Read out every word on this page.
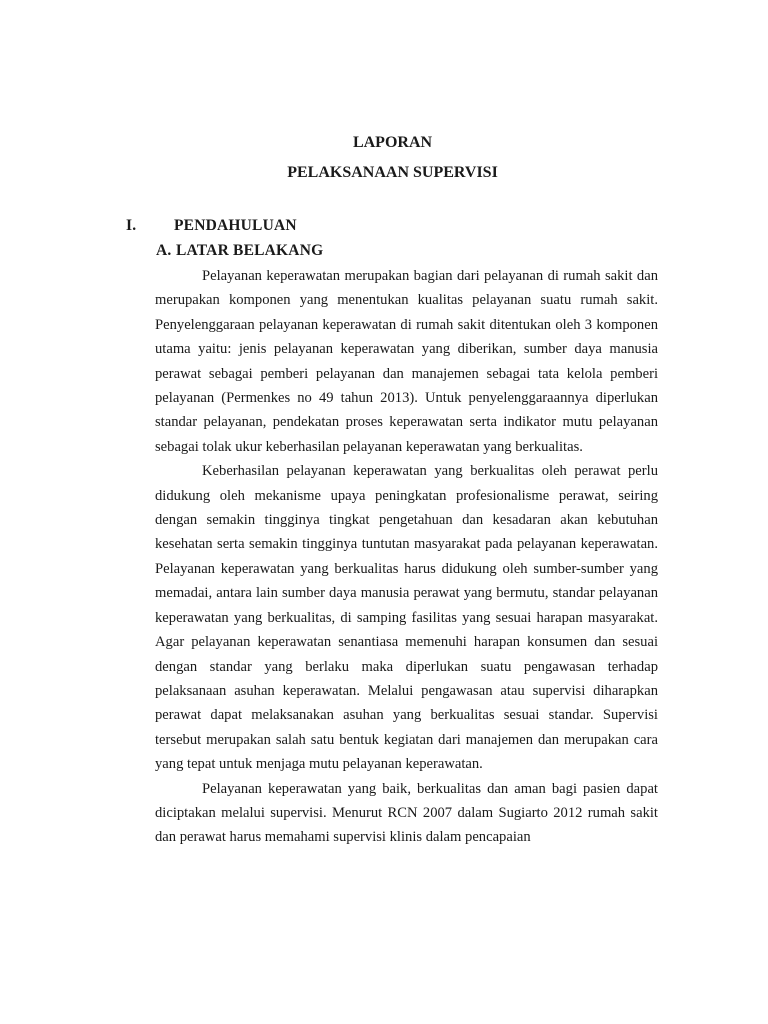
LAPORAN
PELAKSANAAN SUPERVISI
I. PENDAHULUAN
A. LATAR BELAKANG

Pelayanan keperawatan merupakan bagian dari pelayanan di rumah sakit dan merupakan komponen yang menentukan kualitas pelayanan suatu rumah sakit. Penyelenggaraan pelayanan keperawatan di rumah sakit ditentukan oleh 3 komponen utama yaitu: jenis pelayanan keperawatan yang diberikan, sumber daya manusia perawat sebagai pemberi pelayanan dan manajemen sebagai tata kelola pemberi pelayanan (Permenkes no 49 tahun 2013). Untuk penyelenggaraannya diperlukan standar pelayanan, pendekatan proses keperawatan serta indikator mutu pelayanan sebagai tolak ukur keberhasilan pelayanan keperawatan yang berkualitas.

Keberhasilan pelayanan keperawatan yang berkualitas oleh perawat perlu didukung oleh mekanisme upaya peningkatan profesionalisme perawat, seiring dengan semakin tingginya tingkat pengetahuan dan kesadaran akan kebutuhan kesehatan serta semakin tingginya tuntutan masyarakat pada pelayanan keperawatan. Pelayanan keperawatan yang berkualitas harus didukung oleh sumber-sumber yang memadai, antara lain sumber daya manusia perawat yang bermutu, standar pelayanan keperawatan yang berkualitas, di samping fasilitas yang sesuai harapan masyarakat. Agar pelayanan keperawatan senantiasa memenuhi harapan konsumen dan sesuai dengan standar yang berlaku maka diperlukan suatu pengawasan terhadap pelaksanaan asuhan keperawatan. Melalui pengawasan atau supervisi diharapkan perawat dapat melaksanakan asuhan yang berkualitas sesuai standar. Supervisi tersebut merupakan salah satu bentuk kegiatan dari manajemen dan merupakan cara yang tepat untuk menjaga mutu pelayanan keperawatan.

Pelayanan keperawatan yang baik, berkualitas dan aman bagi pasien dapat diciptakan melalui supervisi. Menurut RCN 2007 dalam Sugiarto 2012 rumah sakit dan perawat harus memahami supervisi klinis dalam pencapaian
